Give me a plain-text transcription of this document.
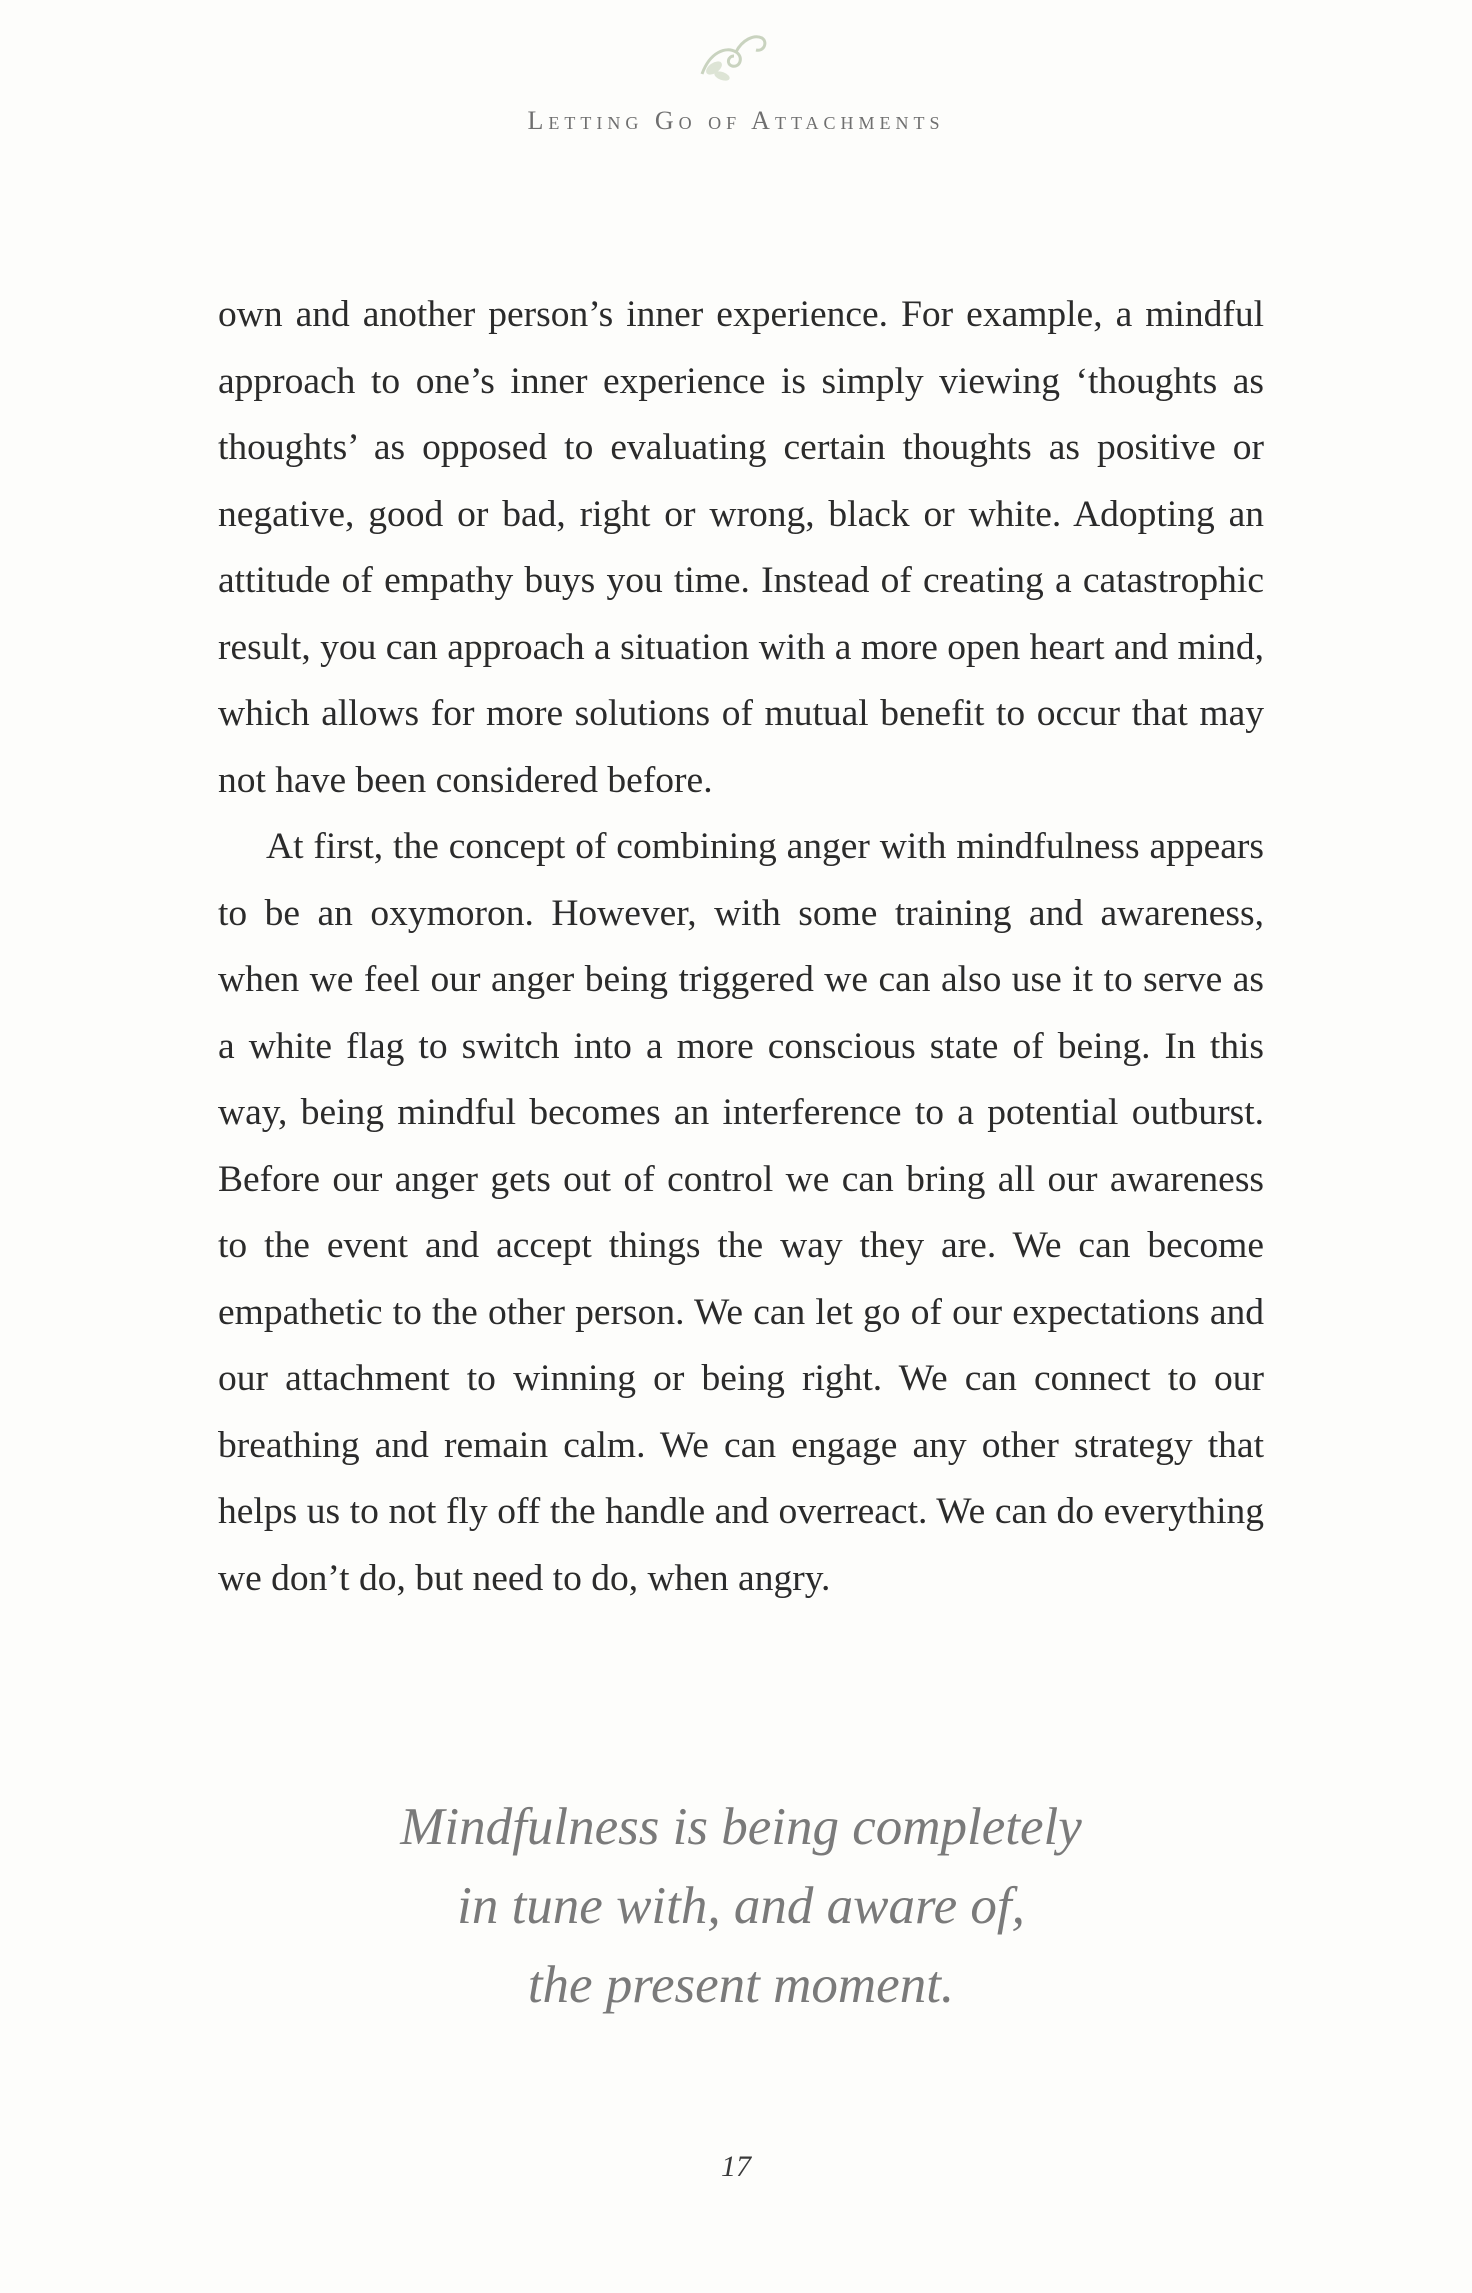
Letting Go of Attachments

own and another person’s inner experience. For example, a mindful approach to one’s inner experience is simply viewing ‘thoughts as thoughts’ as opposed to evaluating certain thoughts as positive or negative, good or bad, right or wrong, black or white. Adopting an attitude of empathy buys you time. Instead of creating a catastrophic result, you can approach a situation with a more open heart and mind, which allows for more solutions of mutual benefit to occur that may not have been considered before.

At first, the concept of combining anger with mindfulness appears to be an oxymoron. However, with some training and awareness, when we feel our anger being triggered we can also use it to serve as a white flag to switch into a more conscious state of being. In this way, being mindful becomes an interference to a potential outburst. Before our anger gets out of control we can bring all our awareness to the event and accept things the way they are. We can become empathetic to the other person. We can let go of our expectations and our attachment to winning or being right. We can connect to our breathing and remain calm. We can engage any other strategy that helps us to not fly off the handle and overreact. We can do everything we don’t do, but need to do, when angry.

Mindfulness is being completely
in tune with, and aware of,
the present moment.
17
